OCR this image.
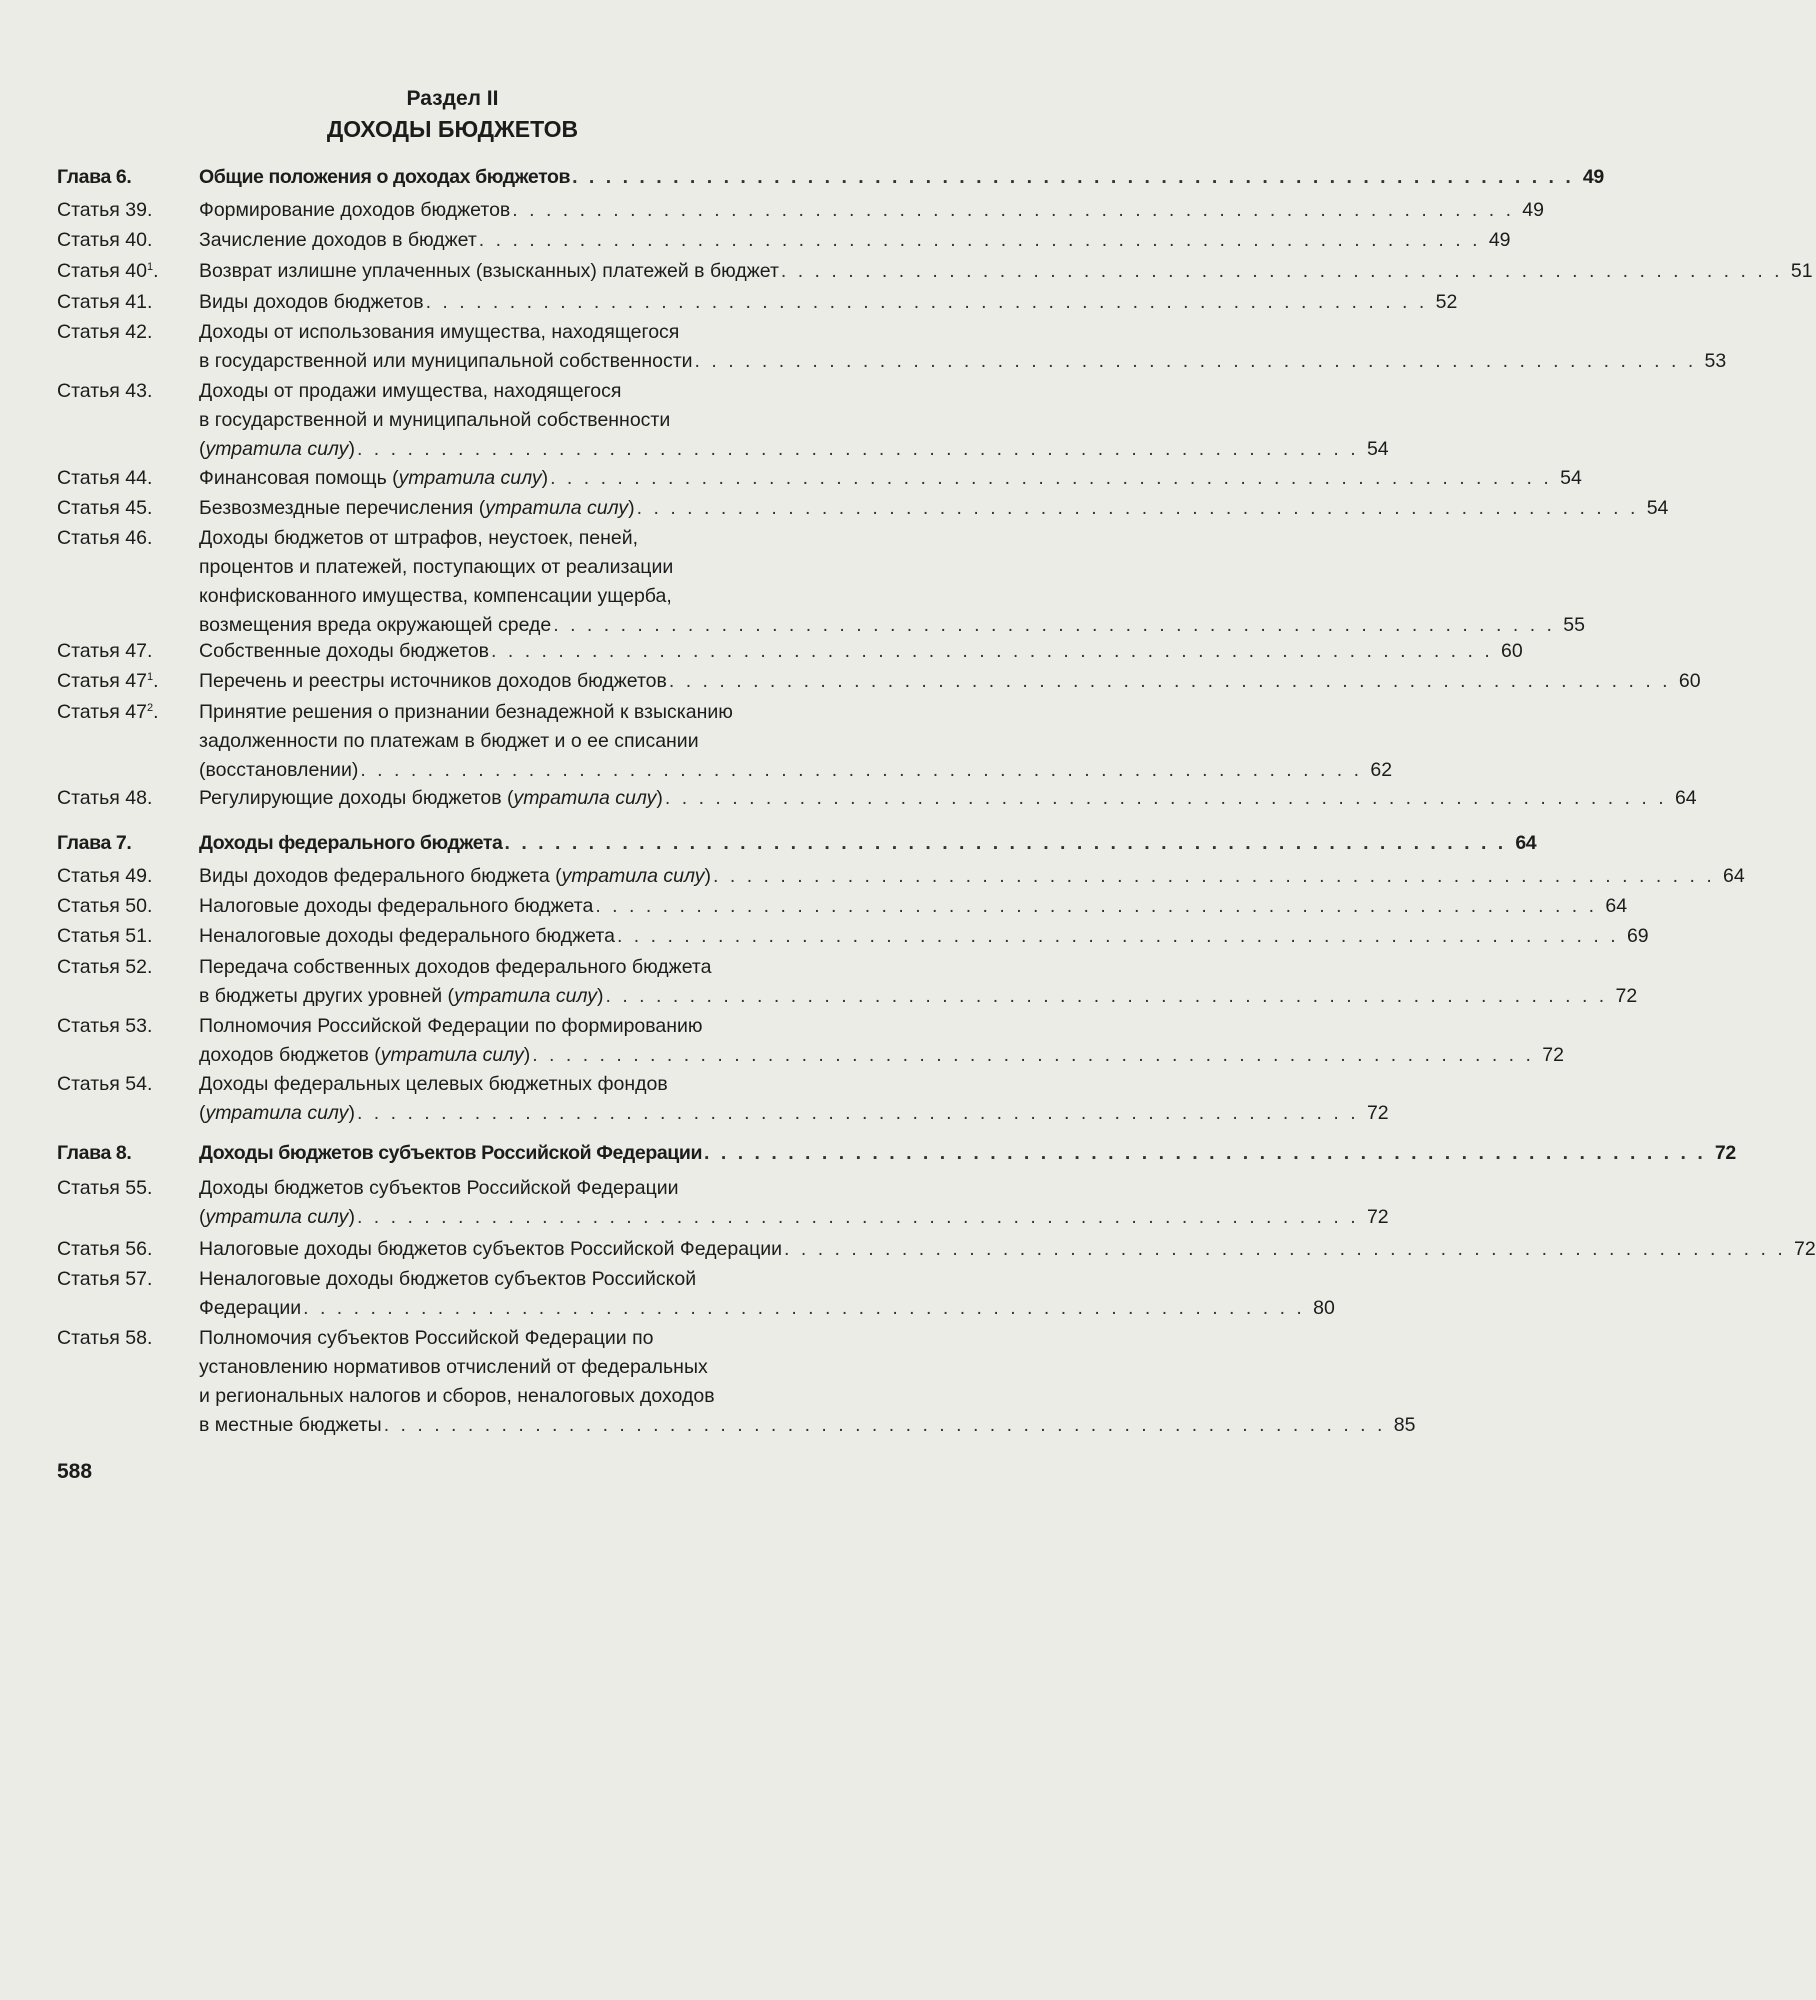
Раздел II
ДОХОДЫ БЮДЖЕТОВ
Глава 6.	Общие положения о доходах бюджетов . . . . . . . . . . . . . . . . . . . . . . . . . . . . . . . . . . . . . . . . . . . . . . . . . . . . . . . . . . . . 49
Статья 39. Формирование доходов бюджетов . . . . . . . . . . . . . . . . . . . . . . . . . . . . . . . . . . . . . . . . . . . . . . . . . . . . . . . . . . . . 49
Статья 40. Зачисление доходов в бюджет . . . . . . . . . . . . . . . . . . . . . . . . . . . . . . . . . . . . . . . . . . . . . . . . . . . . . . . . . . . . 49
Статья $40^1$. Возврат излишне уплаченных (взысканных) платежей в бюджет . . . . . . . . . . . . . . . . . . . . . . . . . . . . . . . . . . . . . . . . . . . . . . . . . . . . . . . . . . . . 51
Статья 41. Виды доходов бюджетов . . . . . . . . . . . . . . . . . . . . . . . . . . . . . . . . . . . . . . . . . . . . . . . . . . . . . . . . . . . . 52
Статья 42. Доходы от использования имущества, находящегося
в государственной или муниципальной собственности . . . . . . . . . . . . . . . . . . . . . . . . . . . . . . . . . . . . . . . . . . . . . . . . . . . . . . . . . . . . 53
Статья 43. Доходы от продажи имущества, находящегося
в государственной и муниципальной собственности
(утратила силу) . . . . . . . . . . . . . . . . . . . . . . . . . . . . . . . . . . . . . . . . . . . . . . . . . . . . . . . . . . . . 54
Статья 44. Финансовая помощь (утратила силу) . . . . . . . . . . . . . . . . . . . . . . . . . . . . . . . . . . . . . . . . . . . . . . . . . . . . . . . . . . . . 54
Статья 45. Безвозмездные перечисления (утратила силу) . . . . . . . . . . . . . . . . . . . . . . . . . . . . . . . . . . . . . . . . . . . . . . . . . . . . . . . . . . . . 54
Статья 46. Доходы бюджетов от штрафов, неустоек, пеней,
процентов и платежей, поступающих от реализации
конфискованного имущества, компенсации ущерба,
возмещения вреда окружающей среде . . . . . . . . . . . . . . . . . . . . . . . . . . . . . . . . . . . . . . . . . . . . . . . . . . . . . . . . . . . . 55
Статья 47. Собственные доходы бюджетов . . . . . . . . . . . . . . . . . . . . . . . . . . . . . . . . . . . . . . . . . . . . . . . . . . . . . . . . . . . . 60
Статья $47^1$. Перечень и реестры источников доходов бюджетов . . . . . . . . . . . . . . . . . . . . . . . . . . . . . . . . . . . . . . . . . . . . . . . . . . . . . . . . . . . . 60
Статья $47^2$. Принятие решения о признании безнадежной к взысканию
задолженности по платежам в бюджет и о ее списании
(восстановлении) . . . . . . . . . . . . . . . . . . . . . . . . . . . . . . . . . . . . . . . . . . . . . . . . . . . . . . . . . . . . 62
Статья 48. Регулирующие доходы бюджетов (утратила силу) . . . . . . . . . . . . . . . . . . . . . . . . . . . . . . . . . . . . . . . . . . . . . . . . . . . . . . . . . . . . 64
Глава 7.	Доходы федерального бюджета . . . . . . . . . . . . . . . . . . . . . . . . . . . . . . . . . . . . . . . . . . . . . . . . . . . . . . . . . . . . 64
Статья 49. Виды доходов федерального бюджета (утратила силу) . . . . . . . . . . . . . . . . . . . . . . . . . . . . . . . . . . . . . . . . . . . . . . . . . . . . . . . . . . . . 64
Статья 50. Налоговые доходы федерального бюджета . . . . . . . . . . . . . . . . . . . . . . . . . . . . . . . . . . . . . . . . . . . . . . . . . . . . . . . . . . . . 64
Статья 51. Неналоговые доходы федерального бюджета . . . . . . . . . . . . . . . . . . . . . . . . . . . . . . . . . . . . . . . . . . . . . . . . . . . . . . . . . . . . 69
Статья 52. Передача собственных доходов федерального бюджета
в бюджеты других уровней (утратила силу) . . . . . . . . . . . . . . . . . . . . . . . . . . . . . . . . . . . . . . . . . . . . . . . . . . . . . . . . . . . . 72
Статья 53. Полномочия Российской Федерации по формированию
доходов бюджетов (утратила силу) . . . . . . . . . . . . . . . . . . . . . . . . . . . . . . . . . . . . . . . . . . . . . . . . . . . . . . . . . . . . 72
Статья 54. Доходы федеральных целевых бюджетных фондов
(утратила силу) . . . . . . . . . . . . . . . . . . . . . . . . . . . . . . . . . . . . . . . . . . . . . . . . . . . . . . . . . . . . 72
Глава 8.	Доходы бюджетов субъектов Российской Федерации . . . . . . . . . . . . . . . . . . . . . . . . . . . . . . . . . . . . . . . . . . . . . . . . . . . . . . . . . . . . 72
Статья 55. Доходы бюджетов субъектов Российской Федерации
(утратила силу) . . . . . . . . . . . . . . . . . . . . . . . . . . . . . . . . . . . . . . . . . . . . . . . . . . . . . . . . . . . . 72
Статья 56. Налоговые доходы бюджетов субъектов Российской Федерации . . . . . . . . . . . . . . . . . . . . . . . . . . . . . . . . . . . . . . . . . . . . . . . . . . . . . . . . . . . . 72
Статья 57. Неналоговые доходы бюджетов субъектов Российской
Федерации . . . . . . . . . . . . . . . . . . . . . . . . . . . . . . . . . . . . . . . . . . . . . . . . . . . . . . . . . . . . 80
Статья 58. Полномочия субъектов Российской Федерации по
установлению нормативов отчислений от федеральных
и региональных налогов и сборов, неналоговых доходов
в местные бюджеты . . . . . . . . . . . . . . . . . . . . . . . . . . . . . . . . . . . . . . . . . . . . . . . . . . . . . . . . . . . . 85
588
